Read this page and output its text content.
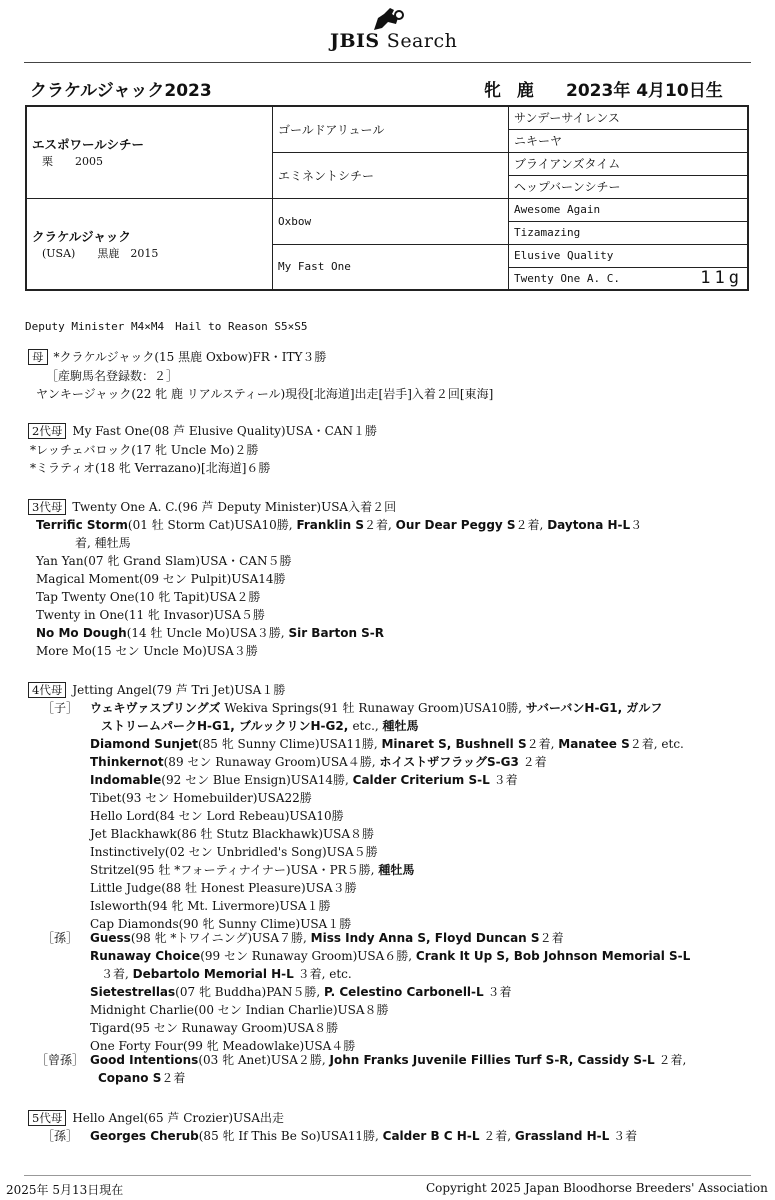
JBIS Search
クラケルジャック2023	牝 鹿 2023年 4月10日生
エスポワールシチー
栗　　2005	ゴールドアリュール	サンデーサイレンス
		ニキーヤ
	エミネントシチー	ブライアンズタイム
		ヘップバーンシチー

クラケルジャック
(USA)　　黒鹿　2015	Oxbow	Awesome Again
		Tizamazing
	My Fast One	Elusive Quality
		Twenty One A. C. 11g
Deputy Minister M4×M4　Hail to Reason S5×S5
母 *クラケルジャック(15 黒鹿 Oxbow)FR・ITY３勝
［産駒馬名登録数：２］
ヤンキージャック(22 牝 鹿 リアルスティール)現役[北海道]出走[岩手]入着２回[東海]
2代母 My Fast One(08 芦 Elusive Quality)USA・CAN１勝
*レッチェバロック(17 牝 Uncle Mo)２勝
*ミラティオ(18 牝 Verrazano)[北海道]６勝
3代母 Twenty One A. C.(96 芦 Deputy Minister)USA入着２回
Terrific Storm(01 牡 Storm Cat)USA10勝, Franklin S２着, Our Dear Peggy S２着, Daytona H-L３
着, 種牡馬
Yan Yan(07 牝 Grand Slam)USA・CAN５勝
Magical Moment(09 セン Pulpit)USA14勝
Tap Twenty One(10 牝 Tapit)USA２勝
Twenty in One(11 牝 Invasor)USA５勝
No Mo Dough(14 牡 Uncle Mo)USA３勝, Sir Barton S-R
More Mo(15 セン Uncle Mo)USA３勝
4代母 Jetting Angel(79 芦 Tri Jet)USA１勝
［子］ ウェキヴァスプリングズ Wekiva Springs(91 牡 Runaway Groom)USA10勝, サバーバンH-G1, ガルフ
ストリームパークH-G1, ブルックリンH-G2, etc., 種牡馬
Diamond Sunjet(85 牝 Sunny Clime)USA11勝, Minaret S, Bushnell S２着, Manatee S２着, etc.
Thinkernot(89 セン Runaway Groom)USA４勝, ホイストザフラッグS-G3 ２着
Indomable(92 セン Blue Ensign)USA14勝, Calder Criterium S-L ３着
Tibet(93 セン Homebuilder)USA22勝
Hello Lord(84 セン Lord Rebeau)USA10勝
Jet Blackhawk(86 牡 Stutz Blackhawk)USA８勝
Instinctively(02 セン Unbridled's Song)USA５勝
Stritzel(95 牡 *フォーティナイナー)USA・PR５勝, 種牡馬
Little Judge(88 牡 Honest Pleasure)USA３勝
Isleworth(94 牝 Mt. Livermore)USA１勝
Cap Diamonds(90 牝 Sunny Clime)USA１勝
［孫］ Guess(98 牝 *トワイニング)USA７勝, Miss Indy Anna S, Floyd Duncan S２着
Runaway Choice(99 セン Runaway Groom)USA６勝, Crank It Up S, Bob Johnson Memorial S-L
３着, Debartolo Memorial H-L ３着, etc.
Sietestrellas(07 牝 Buddha)PAN５勝, P. Celestino Carbonell-L ３着
Midnight Charlie(00 セン Indian Charlie)USA８勝
Tigard(95 セン Runaway Groom)USA８勝
One Forty Four(99 牝 Meadowlake)USA４勝
［曾孫］ Good Intentions(03 牝 Anet)USA２勝, John Franks Juvenile Fillies Turf S-R, Cassidy S-L ２着,
Copano S２着
5代母 Hello Angel(65 芦 Crozier)USA出走
［孫］ Georges Cherub(85 牝 If This Be So)USA11勝, Calder B C H-L ２着, Grassland H-L ３着
2025年 5月13日現在	Copyright 2025 Japan Bloodhorse Breeders' Association
